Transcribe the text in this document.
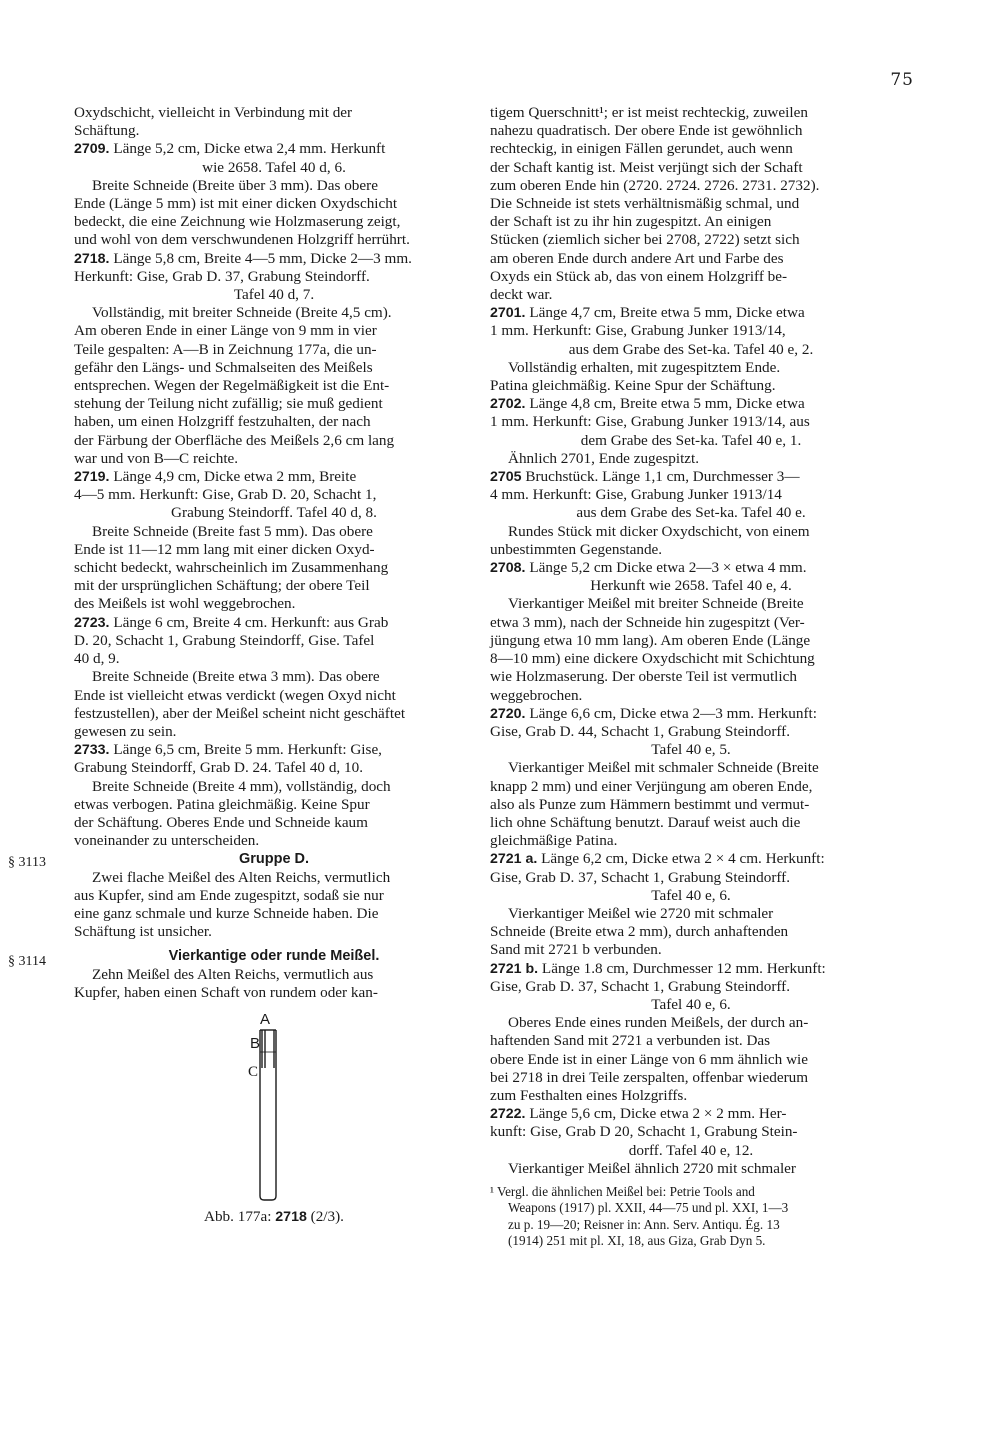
75

Oxydschicht, vielleicht in Verbindung mit der

Schäftung.

2709. Länge 5,2 cm, Dicke etwa 2,4 mm. Herkunft

wie 2658. Tafel 40 d, 6.

Breite Schneide (Breite über 3 mm). Das obere

Ende (Länge 5 mm) ist mit einer dicken Oxydschicht

bedeckt, die eine Zeichnung wie Holzmaserung zeigt,

und wohl von dem verschwundenen Holzgriff herrührt.

2718. Länge 5,8 cm, Breite 4—5 mm, Dicke 2—3 mm.

Herkunft: Gise, Grab D. 37, Grabung Steindorff.

Tafel 40 d, 7.

Vollständig, mit breiter Schneide (Breite 4,5 cm).

Am oberen Ende in einer Länge von 9 mm in vier

Teile gespalten: A—B in Zeichnung 177a, die un-

gefähr den Längs- und Schmalseiten des Meißels

entsprechen. Wegen der Regelmäßigkeit ist die Ent-

stehung der Teilung nicht zufällig; sie muß gedient

haben, um einen Holzgriff festzuhalten, der nach

der Färbung der Oberfläche des Meißels 2,6 cm lang

war und von B—C reichte.

2719. Länge 4,9 cm, Dicke etwa 2 mm, Breite

4—5 mm. Herkunft: Gise, Grab D. 20, Schacht 1,

Grabung Steindorff. Tafel 40 d, 8.

Breite Schneide (Breite fast 5 mm). Das obere

Ende ist 11—12 mm lang mit einer dicken Oxyd-

schicht bedeckt, wahrscheinlich im Zusammenhang

mit der ursprünglichen Schäftung; der obere Teil

des Meißels ist wohl weggebrochen.

2723. Länge 6 cm, Breite 4 cm. Herkunft: aus Grab

D. 20, Schacht 1, Grabung Steindorff, Gise. Tafel

40 d, 9.

Breite Schneide (Breite etwa 3 mm). Das obere

Ende ist vielleicht etwas verdickt (wegen Oxyd nicht

festzustellen), aber der Meißel scheint nicht geschäftet

gewesen zu sein.

2733. Länge 6,5 cm, Breite 5 mm. Herkunft: Gise,

Grabung Steindorff, Grab D. 24. Tafel 40 d, 10.

Breite Schneide (Breite 4 mm), vollständig, doch

etwas verbogen. Patina gleichmäßig. Keine Spur

der Schäftung. Oberes Ende und Schneide kaum

voneinander zu unterscheiden.

§ 3113	Gruppe D.

Zwei flache Meißel des Alten Reichs, vermutlich

aus Kupfer, sind am Ende zugespitzt, sodaß sie nur

eine ganz schmale und kurze Schneide haben. Die

Schäftung ist unsicher.

§ 3114	Vierkantige oder runde Meißel.

Zehn Meißel des Alten Reichs, vermutlich aus

Kupfer, haben einen Schaft von rundem oder kan-

A
B
C

Abb. 177a: 2718 (2/3).

tigem Querschnitt¹; er ist meist rechteckig, zuweilen

nahezu quadratisch. Der obere Ende ist gewöhnlich

rechteckig, in einigen Fällen gerundet, auch wenn

der Schaft kantig ist. Meist verjüngt sich der Schaft

zum oberen Ende hin (2720. 2724. 2726. 2731. 2732).

Die Schneide ist stets verhältnismäßig schmal, und

der Schaft ist zu ihr hin zugespitzt. An einigen

Stücken (ziemlich sicher bei 2708, 2722) setzt sich

am oberen Ende durch andere Art und Farbe des

Oxyds ein Stück ab, das von einem Holzgriff be-

deckt war.

2701. Länge 4,7 cm, Breite etwa 5 mm, Dicke etwa

1 mm. Herkunft: Gise, Grabung Junker 1913/14,

aus dem Grabe des Set-ka. Tafel 40 e, 2.

Vollständig erhalten, mit zugespitztem Ende.

Patina gleichmäßig. Keine Spur der Schäftung.

2702. Länge 4,8 cm, Breite etwa 5 mm, Dicke etwa

1 mm. Herkunft: Gise, Grabung Junker 1913/14, aus

dem Grabe des Set-ka. Tafel 40 e, 1.

Ähnlich 2701, Ende zugespitzt.

2705 Bruchstück. Länge 1,1 cm, Durchmesser 3—

4 mm. Herkunft: Gise, Grabung Junker 1913/14

aus dem Grabe des Set-ka. Tafel 40 e.

Rundes Stück mit dicker Oxydschicht, von einem

unbestimmten Gegenstande.

2708. Länge 5,2 cm Dicke etwa 2—3 × etwa 4 mm.

Herkunft wie 2658. Tafel 40 e, 4.

Vierkantiger Meißel mit breiter Schneide (Breite

etwa 3 mm), nach der Schneide hin zugespitzt (Ver-

jüngung etwa 10 mm lang). Am oberen Ende (Länge

8—10 mm) eine dickere Oxydschicht mit Schichtung

wie Holzmaserung. Der oberste Teil ist vermutlich

weggebrochen.

2720. Länge 6,6 cm, Dicke etwa 2—3 mm. Herkunft:

Gise, Grab D. 44, Schacht 1, Grabung Steindorff.

Tafel 40 e, 5.

Vierkantiger Meißel mit schmaler Schneide (Breite

knapp 2 mm) und einer Verjüngung am oberen Ende,

also als Punze zum Hämmern bestimmt und vermut-

lich ohne Schäftung benutzt. Darauf weist auch die

gleichmäßige Patina.

2721 a. Länge 6,2 cm, Dicke etwa 2 × 4 cm. Herkunft:

Gise, Grab D. 37, Schacht 1, Grabung Steindorff.

Tafel 40 e, 6.

Vierkantiger Meißel wie 2720 mit schmaler

Schneide (Breite etwa 2 mm), durch anhaftenden

Sand mit 2721 b verbunden.

2721 b. Länge 1.8 cm, Durchmesser 12 mm. Herkunft:

Gise, Grab D. 37, Schacht 1, Grabung Steindorff.

Tafel 40 e, 6.

Oberes Ende eines runden Meißels, der durch an-

haftenden Sand mit 2721 a verbunden ist. Das

obere Ende ist in einer Länge von 6 mm ähnlich wie

bei 2718 in drei Teile zerspalten, offenbar wiederum

zum Festhalten eines Holzgriffs.

2722. Länge 5,6 cm, Dicke etwa 2 × 2 mm. Her-

kunft: Gise, Grab D 20, Schacht 1, Grabung Stein-

dorff. Tafel 40 e, 12.

Vierkantiger Meißel ähnlich 2720 mit schmaler

¹ Vergl. die ähnlichen Meißel bei: Petrie Tools and

Weapons (1917) pl. XXII, 44—75 und pl. XXI, 1—3

zu p. 19—20; Reisner in: Ann. Serv. Antiqu. Ég. 13

(1914) 251 mit pl. XI, 18, aus Giza, Grab Dyn 5.
